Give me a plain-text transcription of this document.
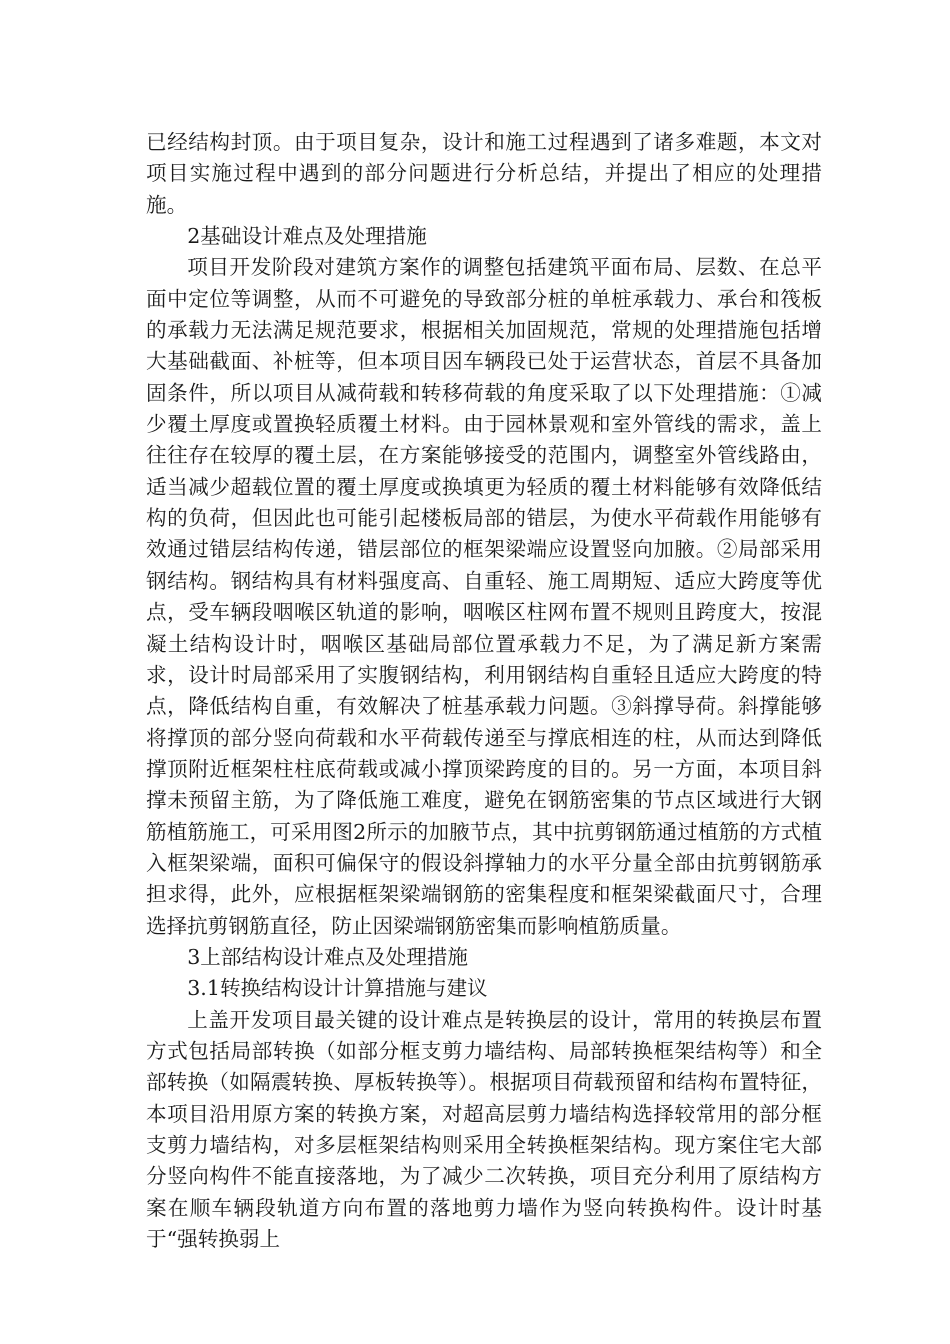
已经结构封顶。由于项目复杂，设计和施工过程遇到了诸多难题，本文对项目实施过程中遇到的部分问题进行分析总结，并提出了相应的处理措施。

2基础设计难点及处理措施

项目开发阶段对建筑方案作的调整包括建筑平面布局、层数、在总平面中定位等调整，从而不可避免的导致部分桩的单桩承载力、承台和筏板的承载力无法满足规范要求，根据相关加固规范，常规的处理措施包括增大基础截面、补桩等，但本项目因车辆段已处于运营状态，首层不具备加固条件，所以项目从减荷载和转移荷载的角度采取了以下处理措施：①减少覆土厚度或置换轻质覆土材料。由于园林景观和室外管线的需求，盖上往往存在较厚的覆土层，在方案能够接受的范围内，调整室外管线路由，适当减少超载位置的覆土厚度或换填更为轻质的覆土材料能够有效降低结构的负荷，但因此也可能引起楼板局部的错层，为使水平荷载作用能够有效通过错层结构传递，错层部位的框架梁端应设置竖向加腋。②局部采用钢结构。钢结构具有材料强度高、自重轻、施工周期短、适应大跨度等优点，受车辆段咽喉区轨道的影响，咽喉区柱网布置不规则且跨度大，按混凝土结构设计时，咽喉区基础局部位置承载力不足，为了满足新方案需求，设计时局部采用了实腹钢结构，利用钢结构自重轻且适应大跨度的特点，降低结构自重，有效解决了桩基承载力问题。③斜撑导荷。斜撑能够将撑顶的部分竖向荷载和水平荷载传递至与撑底相连的柱，从而达到降低撑顶附近框架柱柱底荷载或减小撑顶梁跨度的目的。另一方面，本项目斜撑未预留主筋，为了降低施工难度，避免在钢筋密集的节点区域进行大钢筋植筋施工，可采用图2所示的加腋节点，其中抗剪钢筋通过植筋的方式植入框架梁端，面积可偏保守的假设斜撑轴力的水平分量全部由抗剪钢筋承担求得，此外，应根据框架梁端钢筋的密集程度和框架梁截面尺寸，合理选择抗剪钢筋直径，防止因梁端钢筋密集而影响植筋质量。

3上部结构设计难点及处理措施

3.1转换结构设计计算措施与建议

上盖开发项目最关键的设计难点是转换层的设计，常用的转换层布置方式包括局部转换（如部分框支剪力墙结构、局部转换框架结构等）和全部转换（如隔震转换、厚板转换等）。根据项目荷载预留和结构布置特征，本项目沿用原方案的转换方案，对超高层剪力墙结构选择较常用的部分框支剪力墙结构，对多层框架结构则采用全转换框架结构。现方案住宅大部分竖向构件不能直接落地，为了减少二次转换，项目充分利用了原结构方案在顺车辆段轨道方向布置的落地剪力墙作为竖向转换构件。设计时基于“强转换弱上
